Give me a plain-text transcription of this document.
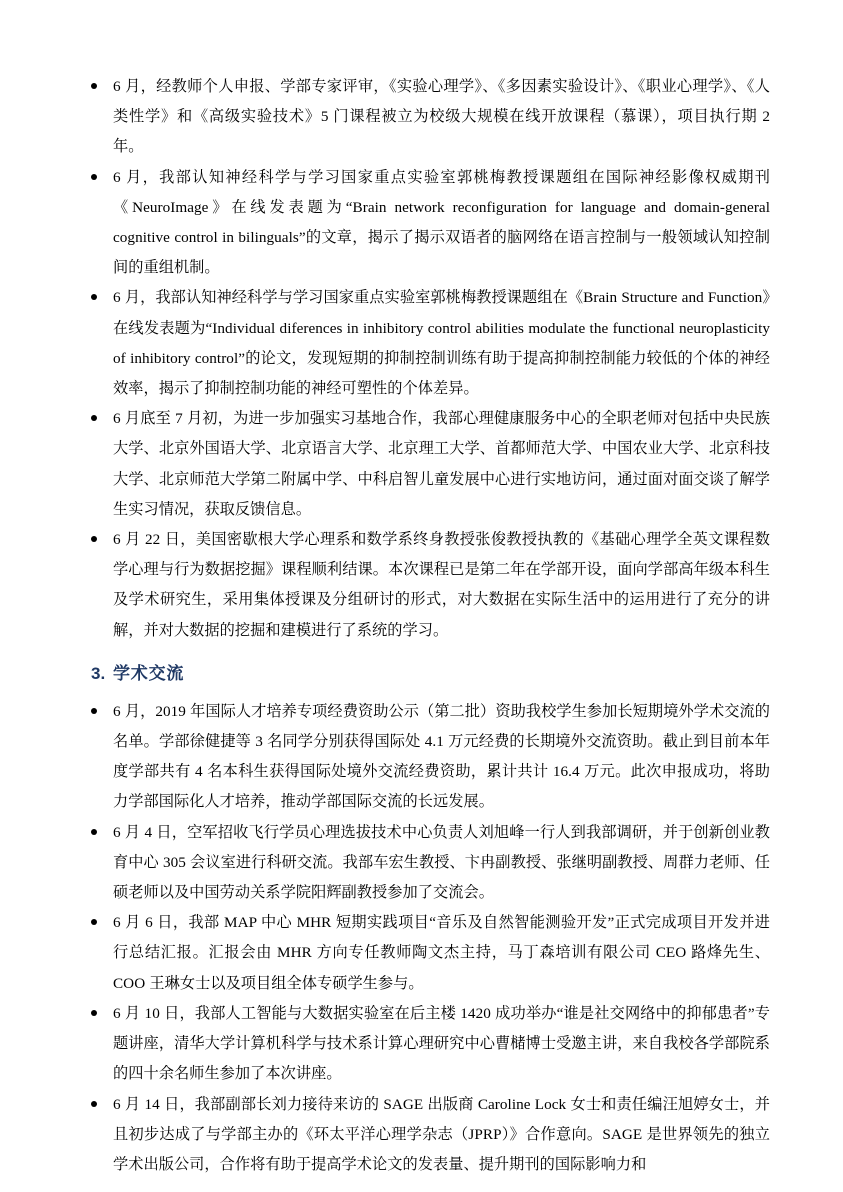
6 月，经教师个人申报、学部专家评审，《实验心理学》、《多因素实验设计》、《职业心理学》、《人类性学》和《高级实验技术》5 门课程被立为校级大规模在线开放课程（慕课），项目执行期 2 年。

6 月，我部认知神经科学与学习国家重点实验室郭桃梅教授课题组在国际神经影像权威期刊《NeuroImage》在线发表题为“Brain network reconfiguration for language and domain-general cognitive control in bilinguals”的文章，揭示了揭示双语者的脑网络在语言控制与一般领域认知控制间的重组机制。

6 月，我部认知神经科学与学习国家重点实验室郭桃梅教授课题组在《Brain Structure and Function》在线发表题为“Individual diferences in inhibitory control abilities modulate the functional neuroplasticity of inhibitory control”的论文，发现短期的抑制控制训练有助于提高抑制控制能力较低的个体的神经效率，揭示了抑制控制功能的神经可塑性的个体差异。

6 月底至 7 月初，为进一步加强实习基地合作，我部心理健康服务中心的全职老师对包括中央民族大学、北京外国语大学、北京语言大学、北京理工大学、首都师范大学、中国农业大学、北京科技大学、北京师范大学第二附属中学、中科启智儿童发展中心进行实地访问，通过面对面交谈了解学生实习情况，获取反馈信息。

6 月 22 日，美国密歇根大学心理系和数学系终身教授张俊教授执教的《基础心理学全英文课程数学心理与行为数据挖掘》课程顺利结课。本次课程已是第二年在学部开设，面向学部高年级本科生及学术研究生，采用集体授课及分组研讨的形式，对大数据在实际生活中的运用进行了充分的讲解，并对大数据的挖掘和建模进行了系统的学习。

3. 学术交流

6 月，2019 年国际人才培养专项经费资助公示（第二批）资助我校学生参加长短期境外学术交流的名单。学部徐健捷等 3 名同学分别获得国际处 4.1 万元经费的长期境外交流资助。截止到目前本年度学部共有 4 名本科生获得国际处境外交流经费资助，累计共计 16.4 万元。此次申报成功，将助力学部国际化人才培养，推动学部国际交流的长远发展。

6 月 4 日，空军招收飞行学员心理选拔技术中心负责人刘旭峰一行人到我部调研，并于创新创业教育中心 305 会议室进行科研交流。我部车宏生教授、卞冉副教授、张继明副教授、周群力老师、任硕老师以及中国劳动关系学院阳辉副教授参加了交流会。

6 月 6 日，我部 MAP 中心 MHR 短期实践项目“音乐及自然智能测验开发”正式完成项目开发并进行总结汇报。汇报会由 MHR 方向专任教师陶文杰主持，马丁森培训有限公司 CEO 路烽先生、COO 王琳女士以及项目组全体专硕学生参与。

6 月 10 日，我部人工智能与大数据实验室在后主楼 1420 成功举办“谁是社交网络中的抑郁患者”专题讲座，清华大学计算机科学与技术系计算心理研究中心曹槠博士受邀主讲，来自我校各学部院系的四十余名师生参加了本次讲座。

6 月 14 日，我部副部长刘力接待来访的 SAGE 出版商 Caroline Lock 女士和责任编汪旭婷女士，并且初步达成了与学部主办的《环太平洋心理学杂志（JPRP）》合作意向。SAGE 是世界领先的独立学术出版公司，合作将有助于提高学术论文的发表量、提升期刊的国际影响力和
